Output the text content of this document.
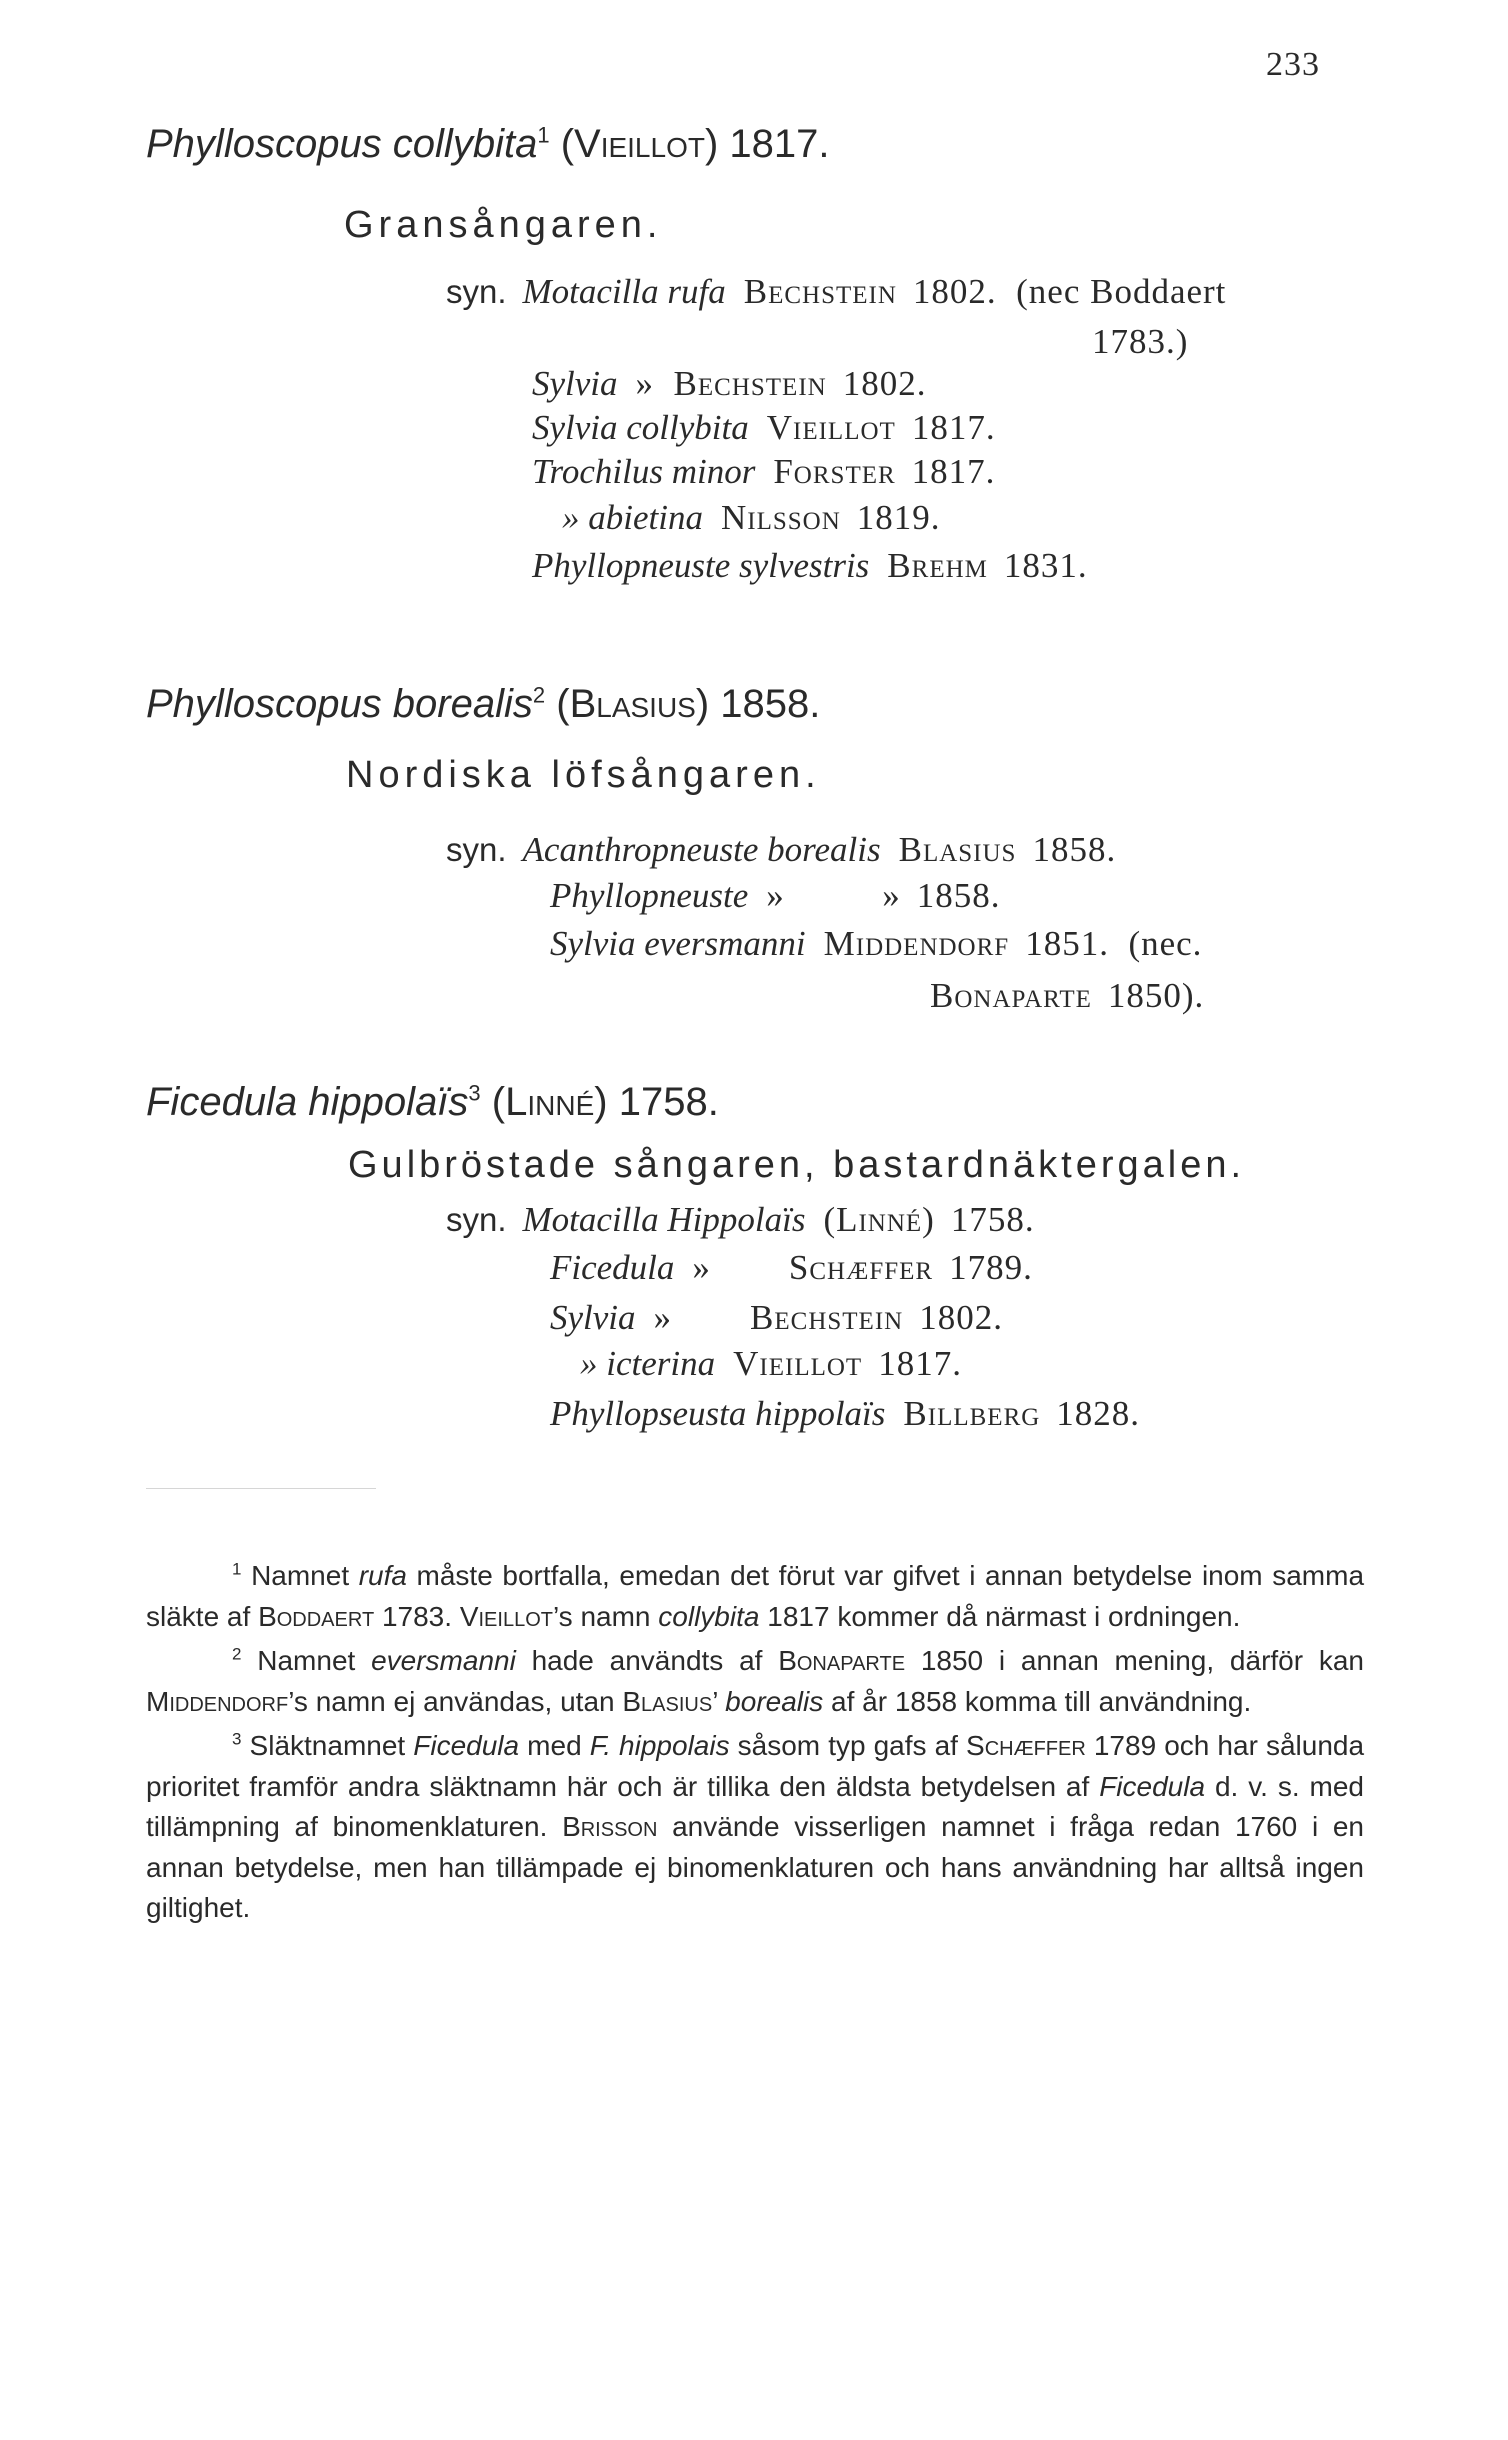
233
Phylloscopus collybita$^1$ (Vieillot) 1817.
Gransångaren.
syn. Motacilla rufa Bechstein 1802.  (nec Boddaert
1783.)
Sylvia »  Bechstein 1802.
Sylvia collybita Vieillot 1817.
Trochilus minor Forster 1817.
» abietina Nilsson 1819.
Phyllopneuste sylvestris Brehm 1831.
Phylloscopus borealis$^2$ (Blasius) 1858.
Nordiska löfsångaren.
syn. Acanthropneuste borealis Blasius 1858.
Phyllopneuste »          » 1858.
Sylvia eversmanni Middendorf 1851.  (nec.
Bonaparte 1850).
Ficedula hippolaïs$^3$ (Linné) 1758.
Gulbröstade sångaren, bastardnäktergalen.
syn. Motacilla Hippolaïs (Linné) 1758.
Ficedula »        Schæffer 1789.
Sylvia »        Bechstein 1802.
» icterina Vieillot 1817.
Phyllopseusta hippolaïs Billberg 1828.

$^1$ Namnet rufa måste bortfalla, emedan det förut var gifvet i annan betydelse inom samma släkte af Boddaert 1783. Vieillot’s namn collybita 1817 kommer då närmast i ordningen.

$^2$ Namnet eversmanni hade användts af Bonaparte 1850 i annan mening, därför kan Middendorf’s namn ej användas, utan Blasius’ borealis af år 1858 komma till användning.

$^3$ Släktnamnet Ficedula med F. hippolais såsom typ gafs af Schæffer 1789 och har sålunda prioritet framför andra släktnamn här och är tillika den äldsta betydelsen af Ficedula d. v. s. med tillämpning af binomenklaturen. Brisson använde visserligen namnet i fråga redan 1760 i en annan betydelse, men han tillämpade ej binomenklaturen och hans användning har alltså ingen giltighet.
